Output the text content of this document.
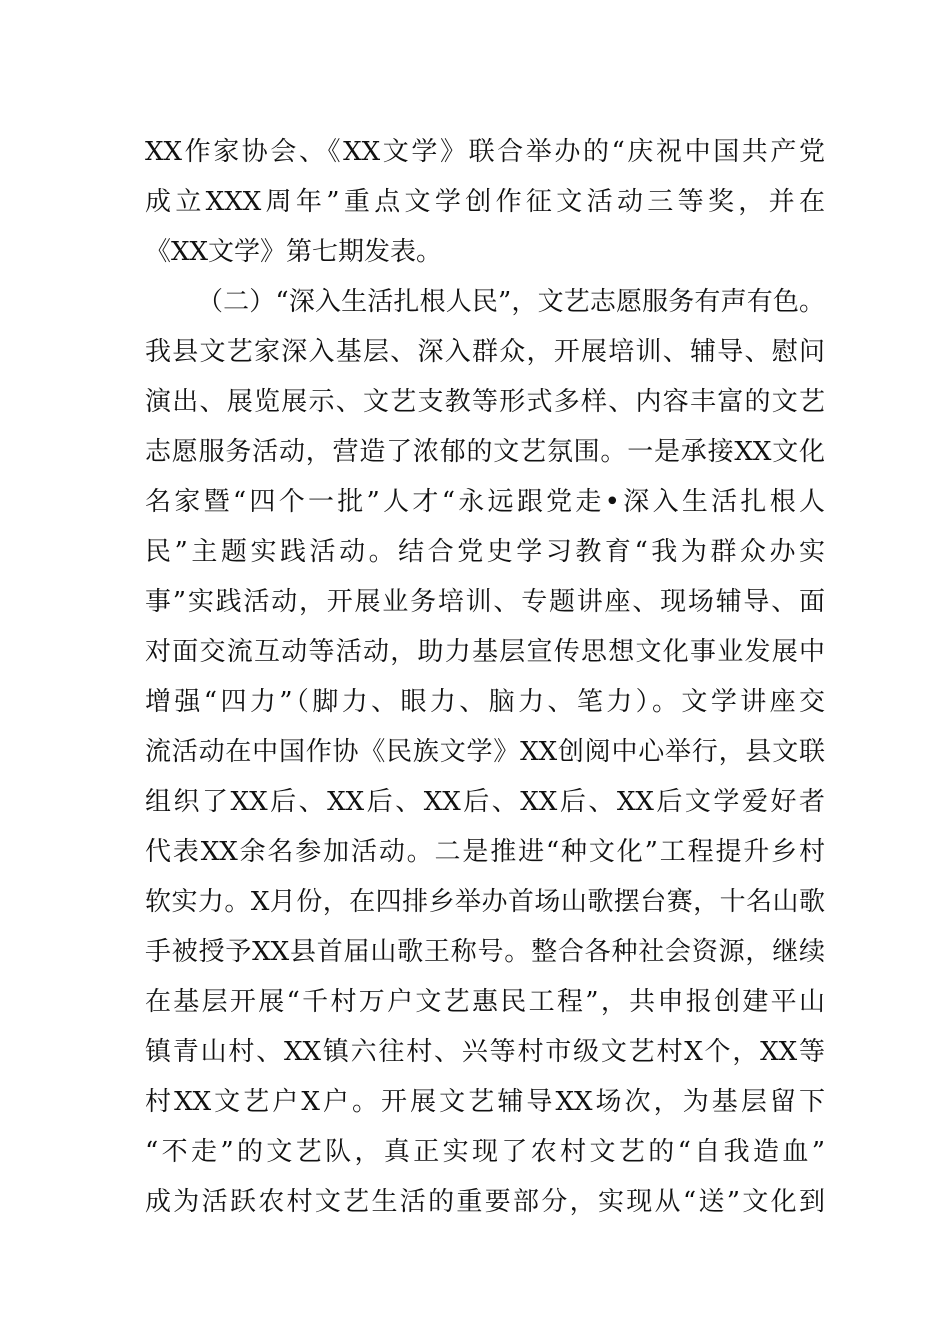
XX作家协会、《XX文学》联合举办的“庆祝中国共产党
成立XXX周年”重点文学创作征文活动三等奖，并在
《XX文学》第七期发表。
（二）“深入生活扎根人民”，文艺志愿服务有声有色。
我县文艺家深入基层、深入群众，开展培训、辅导、慰问
演出、展览展示、文艺支教等形式多样、内容丰富的文艺
志愿服务活动，营造了浓郁的文艺氛围。一是承接XX文化
名家暨“四个一批”人才“永远跟党走•深入生活扎根人
民”主题实践活动。结合党史学习教育“我为群众办实
事”实践活动，开展业务培训、专题讲座、现场辅导、面
对面交流互动等活动，助力基层宣传思想文化事业发展中
增强“四力”（脚力、眼力、脑力、笔力）。文学讲座交
流活动在中国作协《民族文学》XX创阅中心举行，县文联
组织了XX后、XX后、XX后、XX后、XX后文学爱好者
代表XX余名参加活动。二是推进“种文化”工程提升乡村
软实力。X月份，在四排乡举办首场山歌摆台赛，十名山歌
手被授予XX县首届山歌王称号。整合各种社会资源，继续
在基层开展“千村万户文艺惠民工程”，共申报创建平山
镇青山村、XX镇六往村、兴等村市级文艺村X个，XX等
村XX文艺户X户。开展文艺辅导XX场次，为基层留下
“不走”的文艺队，真正实现了农村文艺的“自我造血”
成为活跃农村文艺生活的重要部分，实现从“送”文化到
